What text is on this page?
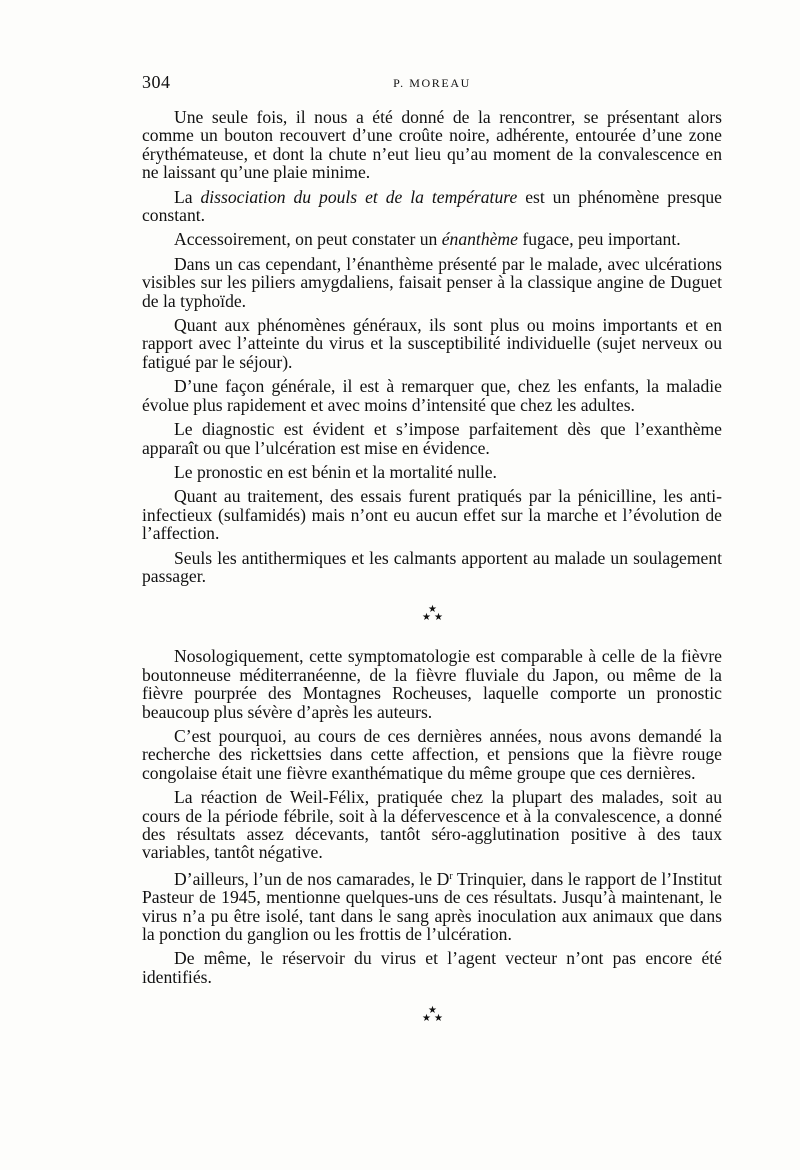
304	P. MOREAU

Une seule fois, il nous a été donné de la rencontrer, se présentant alors comme un bouton recouvert d’une croûte noire, adhérente, entourée d’une zone érythémateuse, et dont la chute n’eut lieu qu’au moment de la convalescence en ne laissant qu’une plaie minime.

La dissociation du pouls et de la température est un phénomène presque constant.

Accessoirement, on peut constater un énanthème fugace, peu important.

Dans un cas cependant, l’énanthème présenté par le malade, avec ulcérations visibles sur les piliers amygdaliens, faisait penser à la classique angine de Duguet de la typhoïde.

Quant aux phénomènes généraux, ils sont plus ou moins importants et en rapport avec l’atteinte du virus et la susceptibilité individuelle (sujet nerveux ou fatigué par le séjour).

D’une façon générale, il est à remarquer que, chez les enfants, la maladie évolue plus rapidement et avec moins d’intensité que chez les adultes.

Le diagnostic est évident et s’impose parfaitement dès que l’exanthème apparaît ou que l’ulcération est mise en évidence.

Le pronostic en est bénin et la mortalité nulle.

Quant au traitement, des essais furent pratiqués par la pénicilline, les anti-infectieux (sulfamidés) mais n’ont eu aucun effet sur la marche et l’évolution de l’affection.

Seuls les antithermiques et les calmants apportent au malade un soulagement passager.

★
★ ★

Nosologiquement, cette symptomatologie est comparable à celle de la fièvre boutonneuse méditerranéenne, de la fièvre fluviale du Japon, ou même de la fièvre pourprée des Montagnes Rocheuses, laquelle comporte un pronostic beaucoup plus sévère d’après les auteurs.

C’est pourquoi, au cours de ces dernières années, nous avons demandé la recherche des rickettsies dans cette affection, et pensions que la fièvre rouge congolaise était une fièvre exanthématique du même groupe que ces dernières.

La réaction de Weil-Félix, pratiquée chez la plupart des malades, soit au cours de la période fébrile, soit à la défervescence et à la convalescence, a donné des résultats assez décevants, tantôt séro-agglutination positive à des taux variables, tantôt négative.

D’ailleurs, l’un de nos camarades, le $D^r$ Trinquier, dans le rapport de l’Institut Pasteur de 1945, mentionne quelques-uns de ces résultats. Jusqu’à maintenant, le virus n’a pu être isolé, tant dans le sang après inoculation aux animaux que dans la ponction du ganglion ou les frottis de l’ulcération.

De même, le réservoir du virus et l’agent vecteur n’ont pas encore été identifiés.

★
★ ★
